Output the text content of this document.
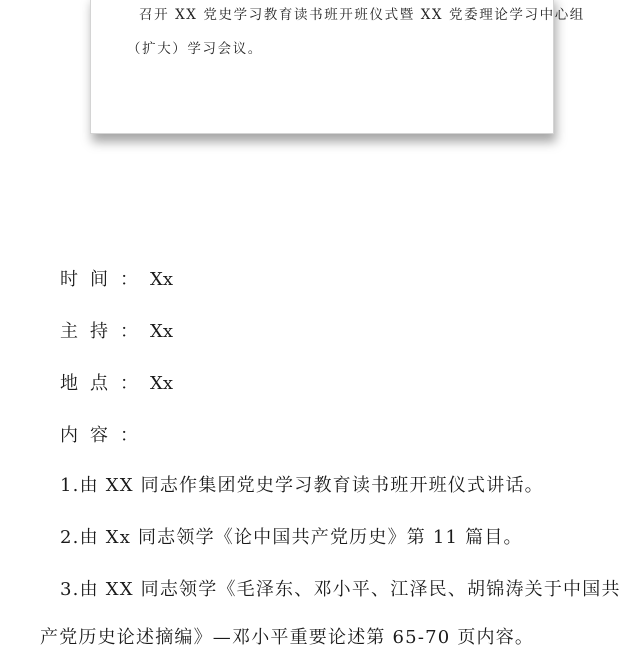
召开 XX 党史学习教育读书班开班仪式暨 XX 党委理论学习中心组
（扩大）学习会议。
时间：Xx
主持：Xx
地点：Xx
内容：
1.由 XX 同志作集团党史学习教育读书班开班仪式讲话。
2.由 Xx 同志领学《论中国共产党历史》第 11 篇目。
3.由 XX 同志领学《毛泽东、邓小平、江泽民、胡锦涛关于中国共
产党历史论述摘编》—邓小平重要论述第 65-70 页内容。
